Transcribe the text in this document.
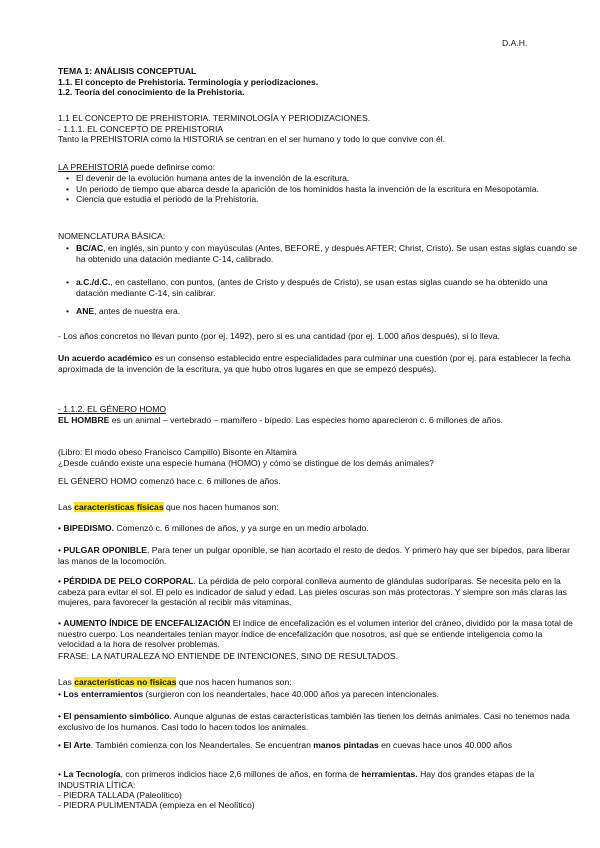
D.A.H.
TEMA 1: ANÁLISIS CONCEPTUAL
1.1. El concepto de Prehistoria. Terminología y periodizaciones.
1.2. Teoría del conocimiento de la Prehistoria.
1.1 EL CONCEPTO DE PREHISTORIA. TERMINOLOGÍA Y PERIODIZACIONES.
- 1.1.1. EL CONCEPTO DE PREHISTORIA
Tanto la PREHISTORIA como la HISTORIA se centran en el ser humano y todo lo que convive con él.
LA PREHISTORIA puede definirse como:
• El devenir de la evolución humana antes de la invención de la escritura.
• Un periodo de tiempo que abarca desde la aparición de los homínidos hasta la invención de la escritura en Mesopotamia.
• Ciencia que estudia el periodo de la Prehistoria.
NOMENCLATURA BÁSICA:
• BC/AC, en inglés, sin punto y con mayúsculas (Antes, BEFORE, y después AFTER; Christ, Cristo). Se usan estas siglas cuando se ha obtenido una datación mediante C-14, calibrado.
• a.C./d.C., en castellano, con puntos, (antes de Cristo y después de Cristo), se usan estas siglas cuando se ha obtenido una datación mediante C-14, sin calibrar.
• ANE, antes de nuestra era.
- Los años concretos no llevan punto (por ej. 1492), pero si es una cantidad (por ej. 1.000 años después), si lo lleva.
Un acuerdo académico es un consenso establecido entre especialidades para culminar una cuestión (por ej. para establecer la fecha aproximada de la invención de la escritura, ya que hubo otros lugares en que se empezó después).
- 1.1.2. EL GÉNERO HOMO
EL HOMBRE es un animal – vertebrado – mamífero - bípedo. Las especies homo aparecieron c. 6 millones de años.
(Libro: El modo obeso Francisco Campillo) Bisonte en Altamira
¿Desde cuándo existe una especie humana (HOMO) y cómo se distingue de los demás animales?
EL GÉNERO HOMO comenzó hace c. 6 millones de años.
Las características físicas que nos hacen humanos son:
• BIPEDISMO. Comenzó c. 6 millones de años, y ya surge en un medio arbolado.
• PULGAR OPONIBLE. Para tener un pulgar oponible, se han acortado el resto de dedos. Y primero hay que ser bípedos, para liberar las manos de la locomoción.
• PÉRDIDA DE PELO CORPORAL. La pérdida de pelo corporal conlleva aumento de glándulas sudoríparas. Se necesita pelo en la cabeza para evitar el sol. El pelo es indicador de salud y edad. Las pieles oscuras son más protectoras. Y siempre son más claras las mujeres, para favorecer la gestación al recibir más vitaminas.
• AUMENTO ÍNDICE DE ENCEFALIZACIÓN El índice de encefalización es el volumen interior del cráneo, dividido por la masa total de nuestro cuerpo. Los neandertales tenían mayor índice de encefalización que nosotros, así que se entiende inteligencia como la velocidad a la hora de resolver problemas.
FRASE: LA NATURALEZA NO ENTIENDE DE INTENCIONES, SINO DE RESULTADOS.
Las características no físicas que nos hacen humanos son:
• Los enterramientos (surgieron con los neandertales, hace 40.000 años ya parecen intencionales.
• El pensamiento simbólico. Aunque algunas de estas características también las tienen los demás animales. Casi no tenemos nada exclusivo de los humanos. Casi todo lo hacen todos los animales.
• El Arte. También comienza con los Neandertales. Se encuentran manos pintadas en cuevas hace unos 40.000 años
• La Tecnología, con primeros indicios hace 2,6 millones de años, en forma de herramientas. Hay dos grandes etapas de la INDUSTRIA LÍTICA:
- PIEDRA TALLADA (Paleolítico)
- PIEDRA PULIMENTADA (empieza en el Neolítico)
